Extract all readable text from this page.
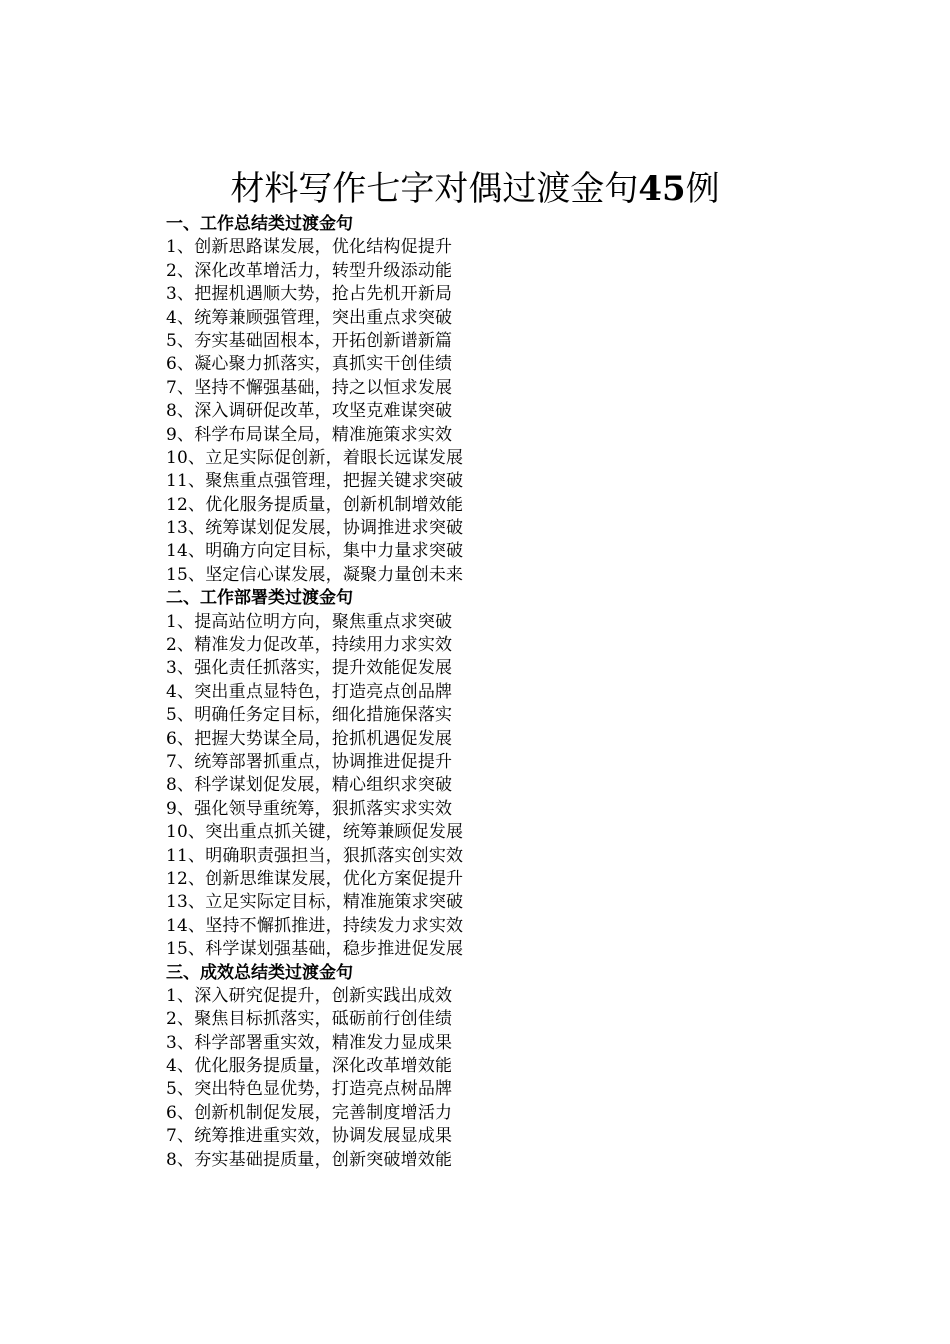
材料写作七字对偶过渡金句45例
一、工作总结类过渡金句
1、创新思路谋发展，优化结构促提升
2、深化改革增活力，转型升级添动能
3、把握机遇顺大势，抢占先机开新局
4、统筹兼顾强管理，突出重点求突破
5、夯实基础固根本，开拓创新谱新篇
6、凝心聚力抓落实，真抓实干创佳绩
7、坚持不懈强基础，持之以恒求发展
8、深入调研促改革，攻坚克难谋突破
9、科学布局谋全局，精准施策求实效
10、立足实际促创新，着眼长远谋发展
11、聚焦重点强管理，把握关键求突破
12、优化服务提质量，创新机制增效能
13、统筹谋划促发展，协调推进求突破
14、明确方向定目标，集中力量求突破
15、坚定信心谋发展，凝聚力量创未来
二、工作部署类过渡金句
1、提高站位明方向，聚焦重点求突破
2、精准发力促改革，持续用力求实效
3、强化责任抓落实，提升效能促发展
4、突出重点显特色，打造亮点创品牌
5、明确任务定目标，细化措施保落实
6、把握大势谋全局，抢抓机遇促发展
7、统筹部署抓重点，协调推进促提升
8、科学谋划促发展，精心组织求突破
9、强化领导重统筹，狠抓落实求实效
10、突出重点抓关键，统筹兼顾促发展
11、明确职责强担当，狠抓落实创实效
12、创新思维谋发展，优化方案促提升
13、立足实际定目标，精准施策求突破
14、坚持不懈抓推进，持续发力求实效
15、科学谋划强基础，稳步推进促发展
三、成效总结类过渡金句
1、深入研究促提升，创新实践出成效
2、聚焦目标抓落实，砥砺前行创佳绩
3、科学部署重实效，精准发力显成果
4、优化服务提质量，深化改革增效能
5、突出特色显优势，打造亮点树品牌
6、创新机制促发展，完善制度增活力
7、统筹推进重实效，协调发展显成果
8、夯实基础提质量，创新突破增效能
